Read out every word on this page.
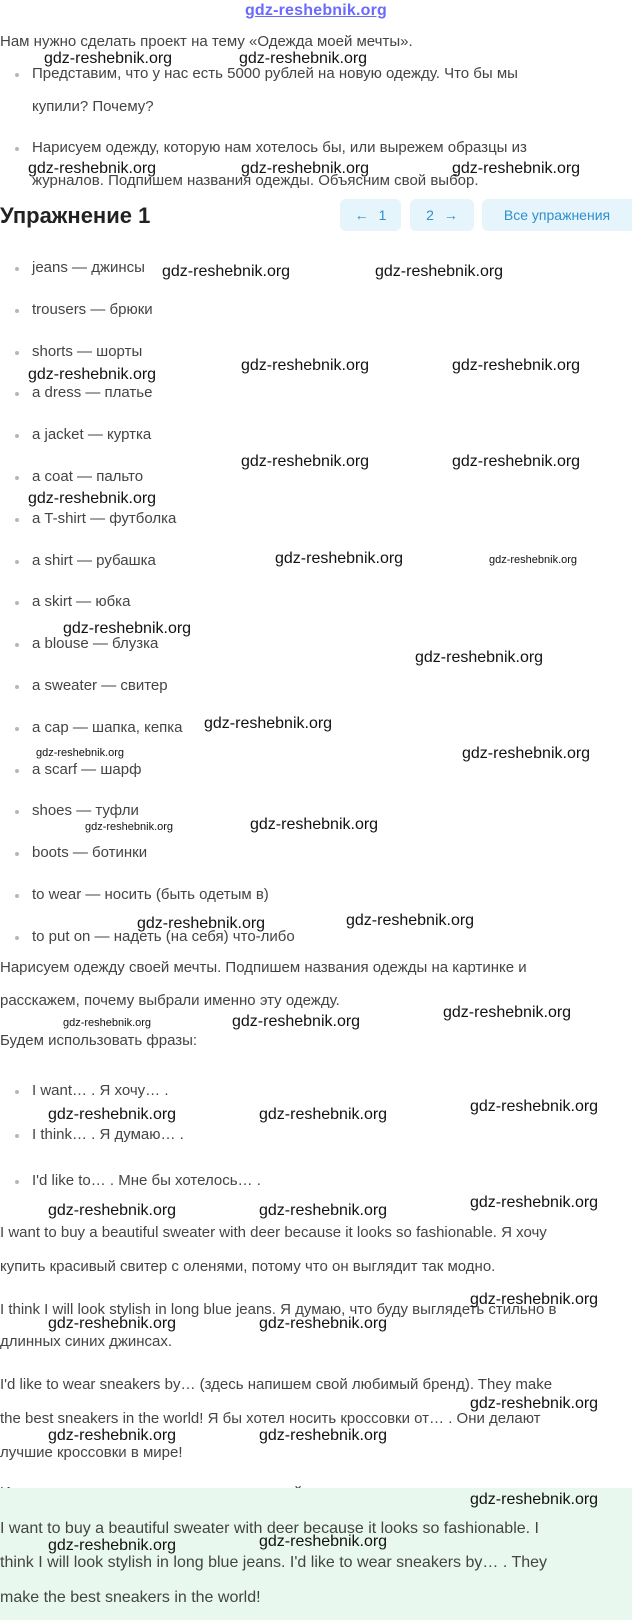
gdz-reshebnik.org
Нам нужно сделать проект на тему «Одежда моей мечты».
Представим, что у нас есть 5000 рублей на новую одежду. Что бы мы
купили? Почему?
Нарисуем одежду, которую нам хотелось бы, или вырежем образцы из
журналов. Подпишем названия одежды. Объясним свой выбор.
Упражнение 1	← 1	2 →	Все упражнения
jeans — джинсы
trousers — брюки
shorts — шорты
a dress — платье
a jacket — куртка
a coat — пальто
a T-shirt — футболка
a shirt — рубашка
a skirt — юбка
a blouse — блузка
a sweater — свитер
a cap — шапка, кепка
a scarf — шарф
shoes — туфли
boots — ботинки
to wear — носить (быть одетым в)
to put on — надеть (на себя) что-либо
Нарисуем одежду своей мечты. Подпишем названия одежды на картинке и
расскажем, почему выбрали именно эту одежду.
Будем использовать фразы:
I want… . Я хочу… .
I think… . Я думаю… .
I'd like to… . Мне бы хотелось… .
I want to buy a beautiful sweater with deer because it looks so fashionable. Я хочу
купить красивый свитер с оленями, потому что он выглядит так модно.
I think I will look stylish in long blue jeans. Я думаю, что буду выглядеть стильно в
длинных синих джинсах.
I'd like to wear sneakers by… (здесь напишем свой любимый бренд). They make
the best sneakers in the world! Я бы хотел носить кроссовки от… . Они делают
лучшие кроссовки в мире!
I want to buy a beautiful sweater with deer because it looks so fashionable. I
think I will look stylish in long blue jeans. I'd like to wear sneakers by… . They
make the best sneakers in the world!
gdz-reshebnik.org	gdz-reshebnik.org
gdz-reshebnik.org	gdz-reshebnik.org	gdz-reshebnik.org
gdz-reshebnik.org	gdz-reshebnik.org
gdz-reshebnik.org
gdz-reshebnik.org	gdz-reshebnik.org
gdz-reshebnik.org	gdz-reshebnik.org
gdz-reshebnik.org
gdz-reshebnik.org	gdz-reshebnik.org
gdz-reshebnik.org
gdz-reshebnik.org
gdz-reshebnik.org
gdz-reshebnik.org	gdz-reshebnik.org
gdz-reshebnik.org	gdz-reshebnik.org
gdz-reshebnik.org	gdz-reshebnik.org
gdz-reshebnik.org	gdz-reshebnik.org
gdz-reshebnik.org
gdz-reshebnik.org	gdz-reshebnik.org	gdz-reshebnik.org
gdz-reshebnik.org	gdz-reshebnik.org	gdz-reshebnik.org
gdz-reshebnik.org
gdz-reshebnik.org	gdz-reshebnik.org
gdz-reshebnik.org
gdz-reshebnik.org	gdz-reshebnik.org
gdz-reshebnik.org
gdz-reshebnik.org	gdz-reshebnik.org
